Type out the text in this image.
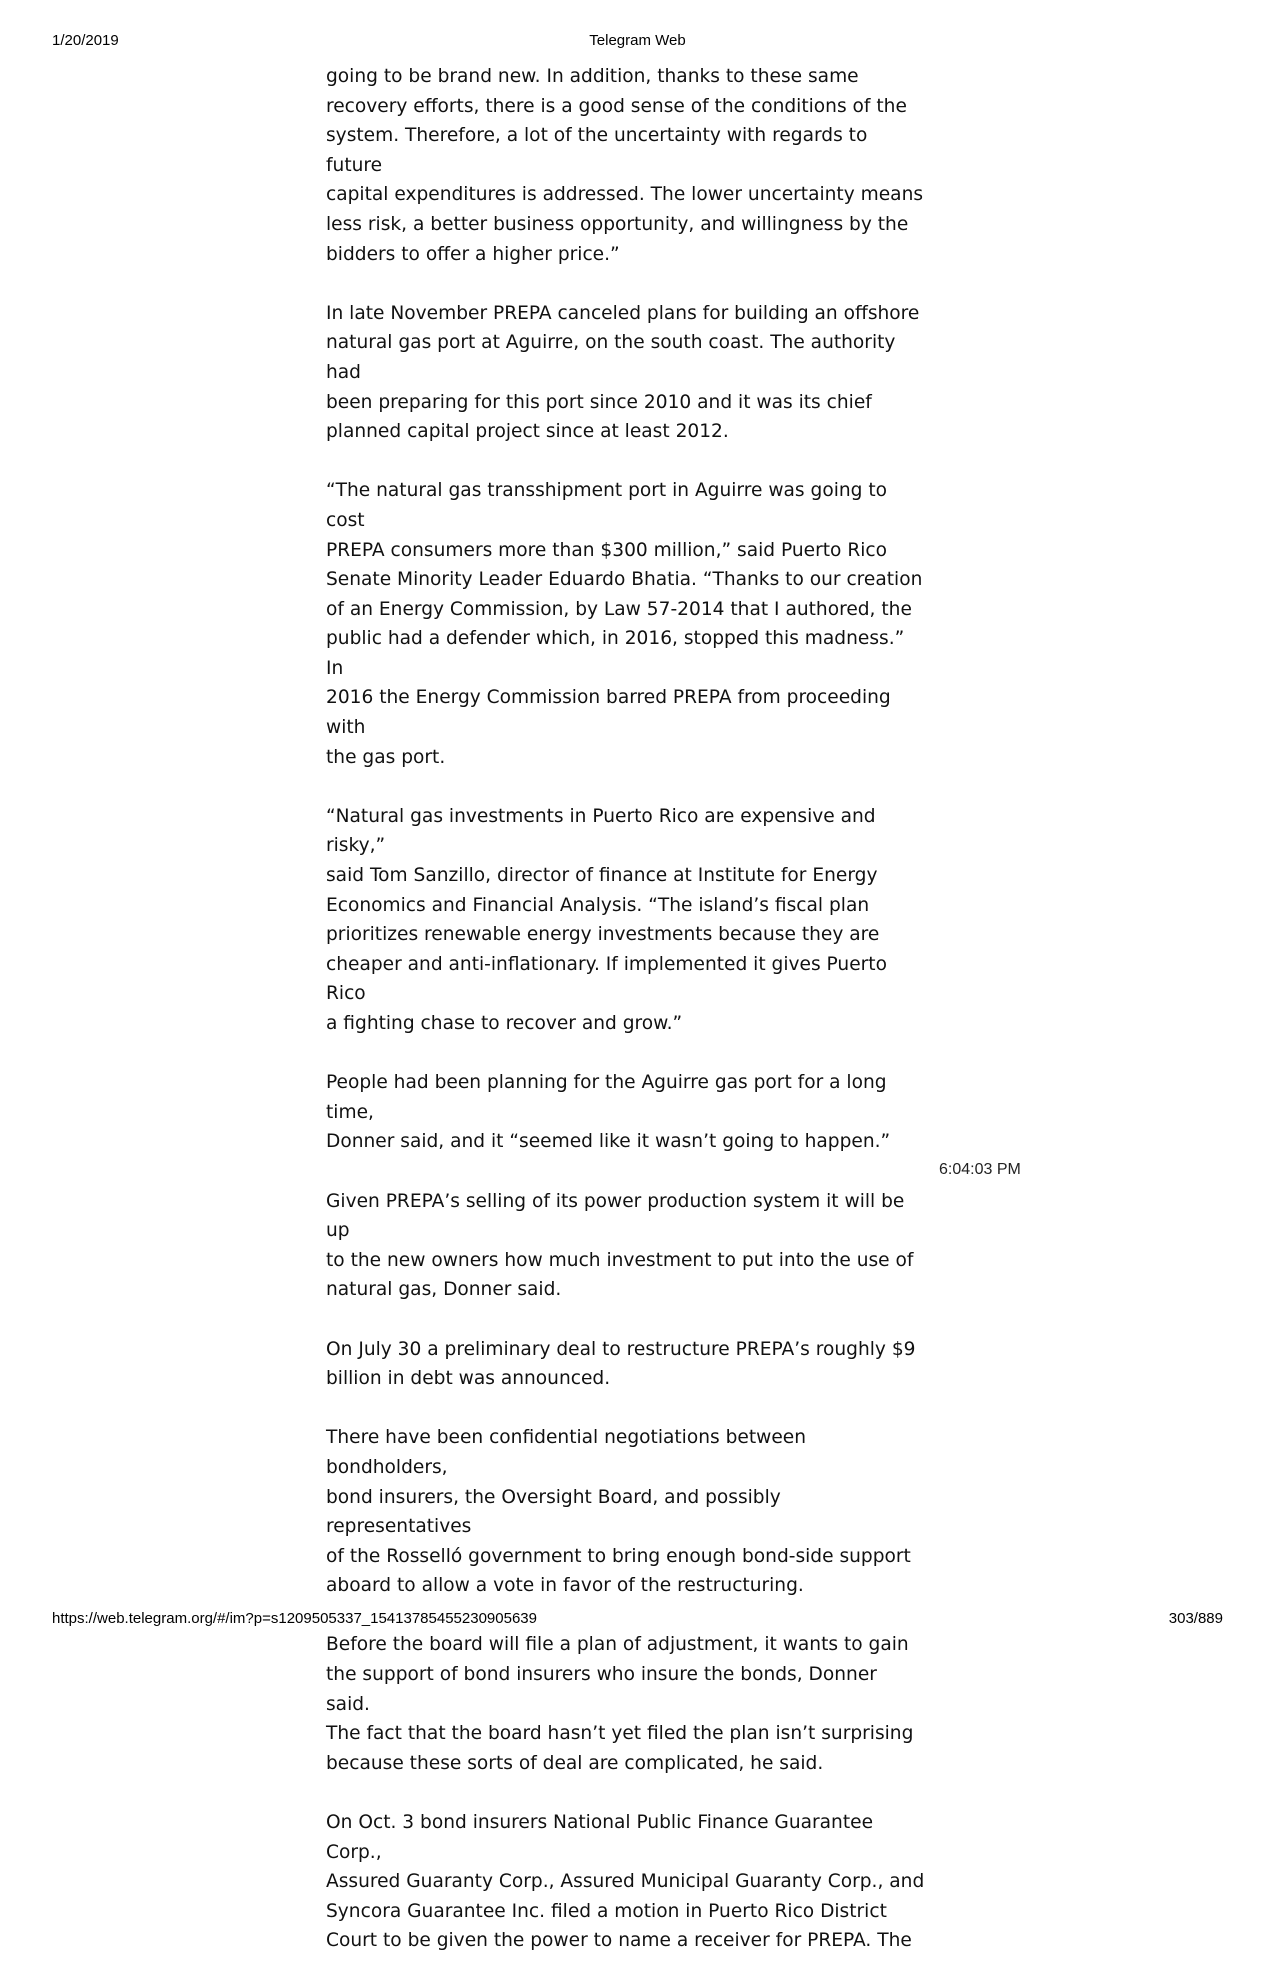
1/20/2019	Telegram Web

going to be brand new. In addition, thanks to these same
recovery efforts, there is a good sense of the conditions of the
system. Therefore, a lot of the uncertainty with regards to future
capital expenditures is addressed. The lower uncertainty means
less risk, a better business opportunity, and willingness by the
bidders to offer a higher price.”

In late November PREPA canceled plans for building an offshore
natural gas port at Aguirre, on the south coast. The authority had
been preparing for this port since 2010 and it was its chief
planned capital project since at least 2012.

“The natural gas transshipment port in Aguirre was going to cost
PREPA consumers more than $300 million,” said Puerto Rico
Senate Minority Leader Eduardo Bhatia. “Thanks to our creation
of an Energy Commission, by Law 57-2014 that I authored, the
public had a defender which, in 2016, stopped this madness.” In
2016 the Energy Commission barred PREPA from proceeding with
the gas port.

“Natural gas investments in Puerto Rico are expensive and risky,”
said Tom Sanzillo, director of finance at Institute for Energy
Economics and Financial Analysis. “The island’s fiscal plan
prioritizes renewable energy investments because they are
cheaper and anti-inflationary. If implemented it gives Puerto Rico
a fighting chase to recover and grow.”

People had been planning for the Aguirre gas port for a long time,
Donner said, and it “seemed like it wasn’t going to happen.”

Given PREPA’s selling of its power production system it will be up
to the new owners how much investment to put into the use of
natural gas, Donner said.

On July 30 a preliminary deal to restructure PREPA’s roughly $9
billion in debt was announced.

There have been confidential negotiations between bondholders,
bond insurers, the Oversight Board, and possibly representatives
of the Rosselló government to bring enough bond-side support
aboard to allow a vote in favor of the restructuring.

Before the board will file a plan of adjustment, it wants to gain
the support of bond insurers who insure the bonds, Donner said.
The fact that the board hasn’t yet filed the plan isn’t surprising
because these sorts of deal are complicated, he said.

On Oct. 3 bond insurers National Public Finance Guarantee Corp.,
Assured Guaranty Corp., Assured Municipal Guaranty Corp., and
Syncora Guarantee Inc. filed a motion in Puerto Rico District
Court to be given the power to name a receiver for PREPA. The

6:04:03 PM
https://web.telegram.org/#/im?p=s1209505337_15413785455230905639	303/889
